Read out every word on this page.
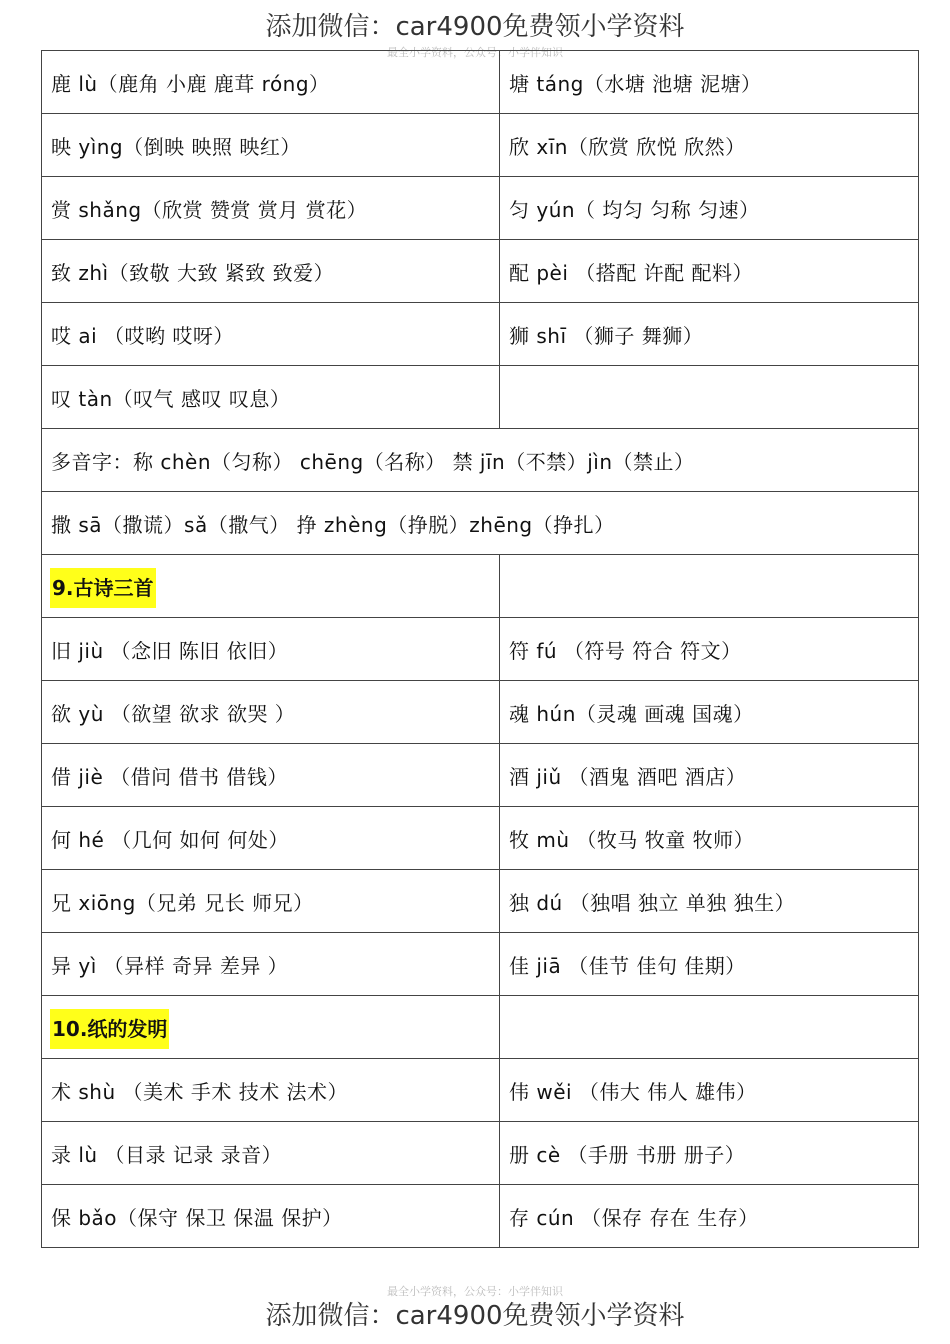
添加微信：car4900免费领小学资料
最全小学资料，公众号：小学伴知识
鹿 lù（鹿角 小鹿 鹿茸 róng）	塘 táng（水塘 池塘 泥塘）
映 yìng（倒映 映照 映红）	欣 xīn（欣赏 欣悦 欣然）
赏 shǎng（欣赏 赞赏 赏月 赏花）	匀 yún（ 均匀 匀称 匀速）
致 zhì（致敬 大致 紧致 致爱）	配 pèi （搭配 许配 配料）
哎 ai （哎哟 哎呀）	狮 shī （狮子 舞狮）
叹 tàn（叹气 感叹 叹息）	
多音字：称 chèn（匀称） chēng（名称） 禁 jīn（不禁）jìn（禁止）	
撒 sā（撒谎）sǎ（撒气） 挣 zhèng（挣脱）zhēng（挣扎）	
9.古诗三首	
旧 jiù （念旧 陈旧 依旧）	符 fú （符号 符合 符文）
欲 yù （欲望 欲求 欲哭 ）	魂 hún（灵魂 画魂 国魂）
借 jiè （借问 借书 借钱）	酒 jiǔ （酒鬼 酒吧 酒店）
何 hé （几何 如何 何处）	牧 mù （牧马 牧童 牧师）
兄 xiōng（兄弟 兄长 师兄）	独 dú （独唱 独立 单独 独生）
异 yì （异样 奇异 差异 ）	佳 jiā （佳节 佳句 佳期）
10.纸的发明	
术 shù （美术 手术 技术 法术）	伟 wěi （伟大 伟人 雄伟）
录 lù （目录 记录 录音）	册 cè （手册 书册 册子）
保 bǎo（保守 保卫 保温 保护）	存 cún （保存 存在 生存）
最全小学资料，公众号：小学伴知识
添加微信：car4900免费领小学资料
